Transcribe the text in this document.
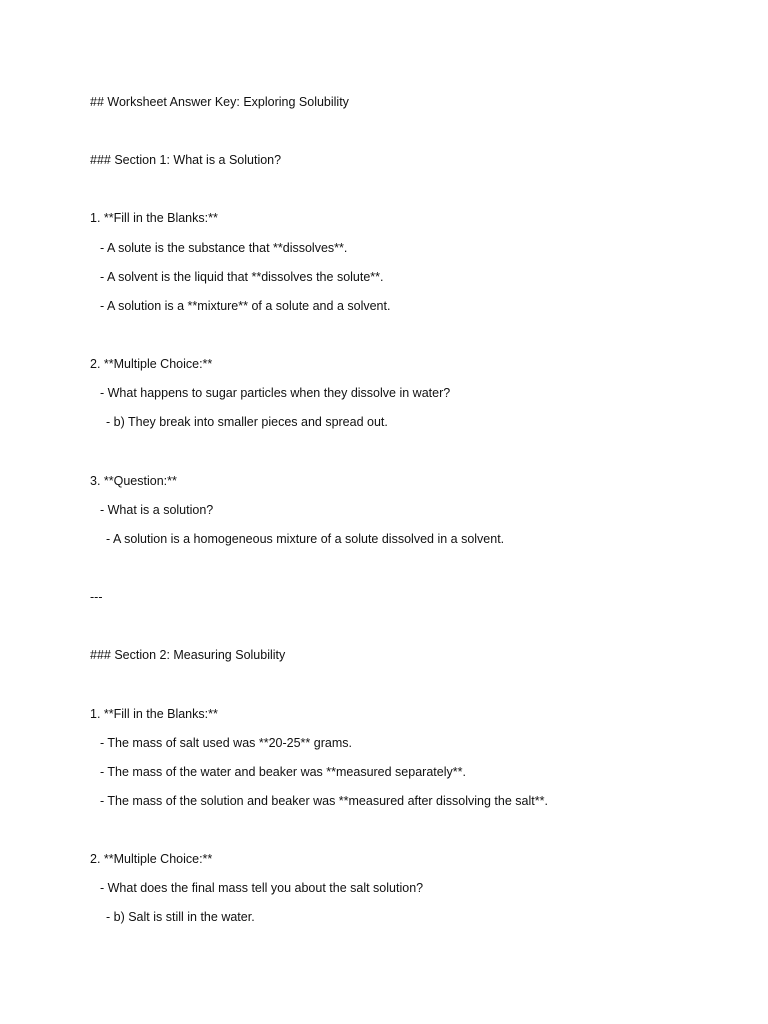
## Worksheet Answer Key: Exploring Solubility
### Section 1: What is a Solution?
1. **Fill in the Blanks:**
- A solute is the substance that **dissolves**.
- A solvent is the liquid that **dissolves the solute**.
- A solution is a **mixture** of a solute and a solvent.
2. **Multiple Choice:**
- What happens to sugar particles when they dissolve in water?
- b) They break into smaller pieces and spread out.
3. **Question:**
- What is a solution?
- A solution is a homogeneous mixture of a solute dissolved in a solvent.
---
### Section 2: Measuring Solubility
1. **Fill in the Blanks:**
- The mass of salt used was **20-25** grams.
- The mass of the water and beaker was **measured separately**.
- The mass of the solution and beaker was **measured after dissolving the salt**.
2. **Multiple Choice:**
- What does the final mass tell you about the salt solution?
- b) Salt is still in the water.
